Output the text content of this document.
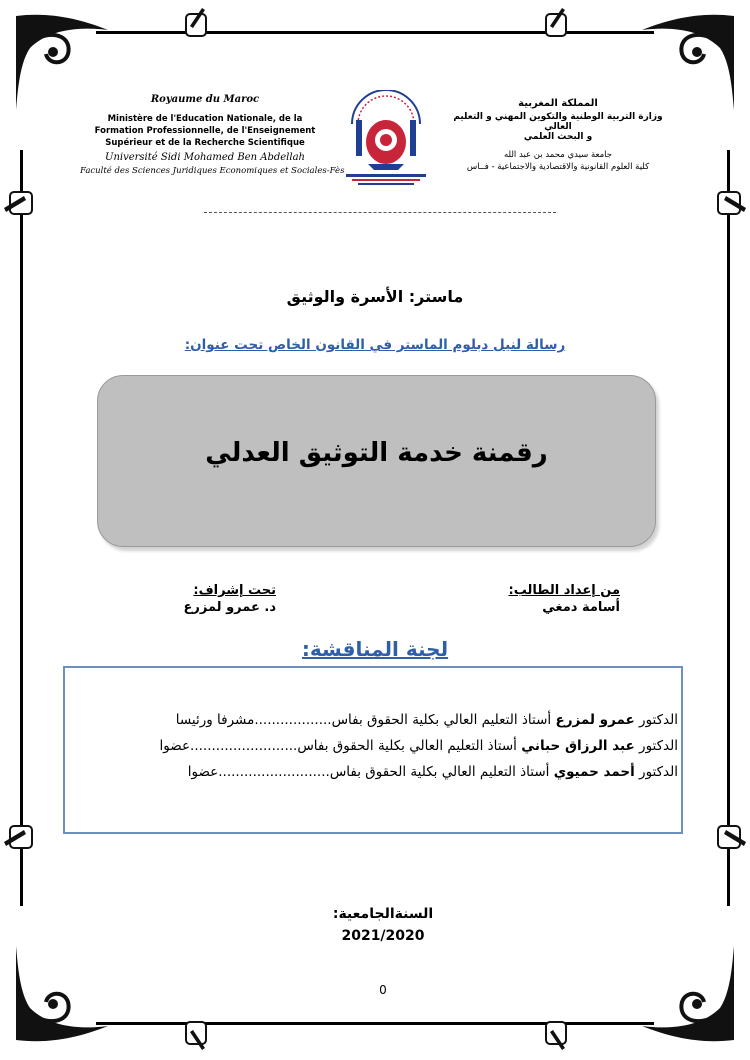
Royaume du Maroc
Ministère de l'Education Nationale, de la Formation Professionnelle, de l'Enseignement Supérieur et de la Recherche Scientifique
Université Sidi Mohamed Ben Abdellah
Faculté des Sciences Juridiques Economiques et Sociales-Fès
المملكة المغربية
وزارة التربية الوطنية والتكوين المهني و التعليم العالي
و البحث العلمي
جامعة سيدي محمد بن عبد الله
كلية العلوم القانونية والاقتصادية والاجتماعية - فــاس
ماستر: الأسرة والوثيق
رسالة لنيل دبلوم الماستر في القانون الخاص تحت عنوان:
رقمنة خدمة التوثيق العدلي
من إعداد الطالب:
أسامة دمغي
تحت إشراف:
د. عمرو لمزرع
لجنة المناقشة:
الدكتور عمرو لمزرع أستاذ التعليم العالي بكلية الحقوق بفاس..................مشرفا ورئيسا
الدكتور عبد الرزاق حباني أستاذ التعليم العالي بكلية الحقوق بفاس.........................عضوا
الدكتور أحمد حميوي أستاذ التعليم العالي بكلية الحقوق بفاس..........................عضوا
السنةالجامعية:
2021/2020
0
